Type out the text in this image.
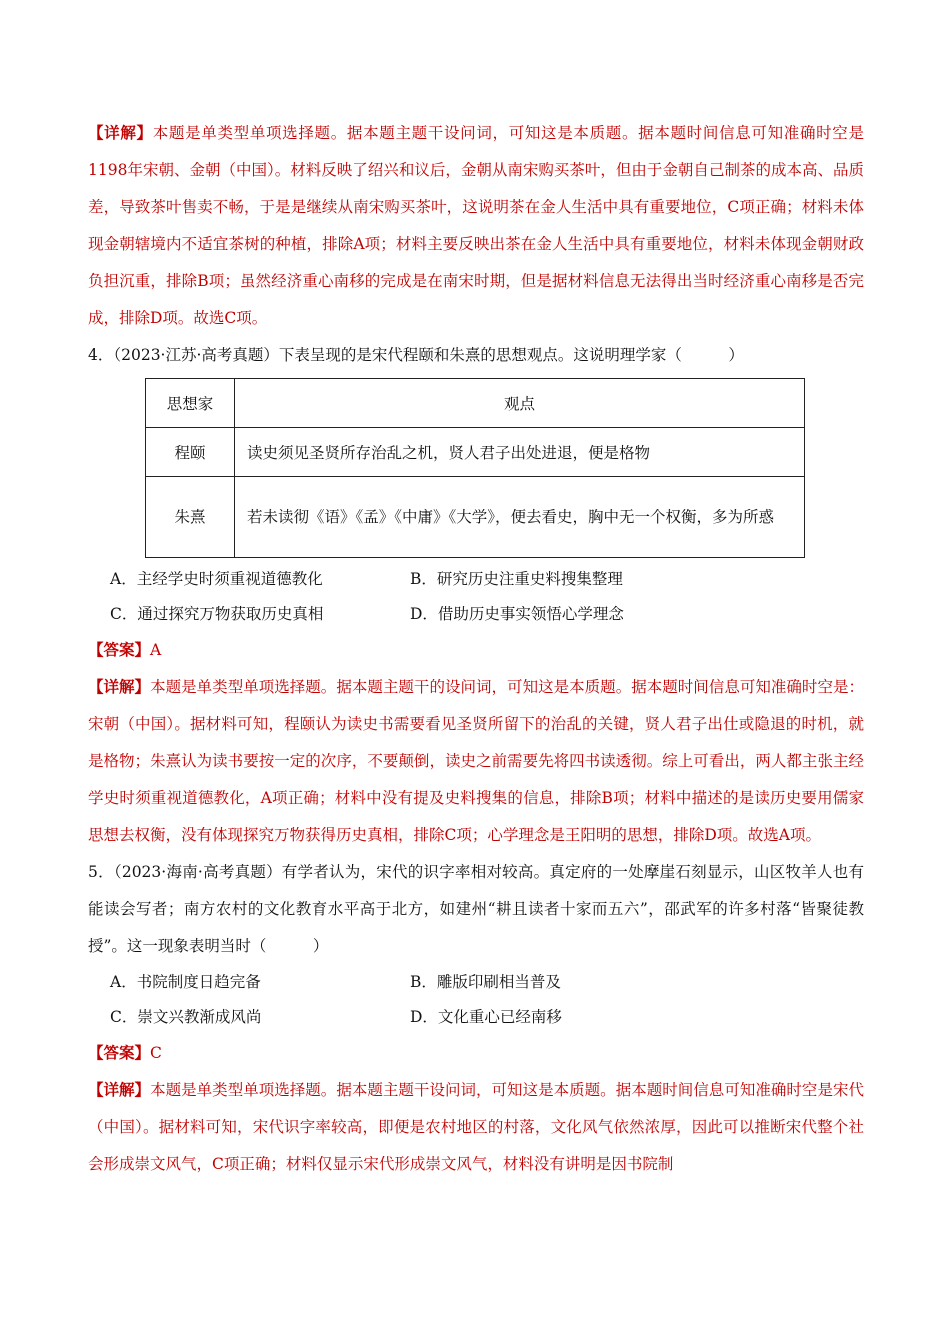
【详解】本题是单类型单项选择题。据本题主题干设问词，可知这是本质题。据本题时间信息可知准确时空是1198年宋朝、金朝（中国）。材料反映了绍兴和议后，金朝从南宋购买茶叶，但由于金朝自己制茶的成本高、品质差，导致茶叶售卖不畅，于是是继续从南宋购买茶叶，这说明茶在金人生活中具有重要地位，C项正确；材料未体现金朝辖境内不适宜茶树的种植，排除A项；材料主要反映出茶在金人生活中具有重要地位，材料未体现金朝财政负担沉重，排除B项；虽然经济重心南移的完成是在南宋时期，但是据材料信息无法得出当时经济重心南移是否完成，排除D项。故选C项。

4．（2023·江苏·高考真题）下表呈现的是宋代程颐和朱熹的思想观点。这说明理学家（　　　）

思想家	观点
程颐	读史须见圣贤所存治乱之机，贤人君子出处进退，便是格物
朱熹	若未读彻《语》《孟》《中庸》《大学》，便去看史，胸中无一个权衡，多为所惑
A．主经学史时须重视道德教化	B．研究历史注重史料搜集整理
C．通过探究万物获取历史真相	D．借助历史事实领悟心学理念

【答案】A

【详解】本题是单类型单项选择题。据本题主题干的设问词，可知这是本质题。据本题时间信息可知准确时空是：宋朝（中国）。据材料可知，程颐认为读史书需要看见圣贤所留下的治乱的关键，贤人君子出仕或隐退的时机，就是格物；朱熹认为读书要按一定的次序，不要颠倒，读史之前需要先将四书读透彻。综上可看出，两人都主张主经学史时须重视道德教化，A项正确；材料中没有提及史料搜集的信息，排除B项；材料中描述的是读历史要用儒家思想去权衡，没有体现探究万物获得历史真相，排除C项；心学理念是王阳明的思想，排除D项。故选A项。

5．（2023·海南·高考真题）有学者认为，宋代的识字率相对较高。真定府的一处摩崖石刻显示，山区牧羊人也有能读会写者；南方农村的文化教育水平高于北方，如建州“耕且读者十家而五六”，邵武军的许多村落“皆聚徒教授”。这一现象表明当时（　　　）

A．书院制度日趋完备	B．雕版印刷相当普及
C．崇文兴教渐成风尚	D．文化重心已经南移

【答案】C

【详解】本题是单类型单项选择题。据本题主题干设问词，可知这是本质题。据本题时间信息可知准确时空是宋代（中国）。据材料可知，宋代识字率较高，即便是农村地区的村落，文化风气依然浓厚，因此可以推断宋代整个社会形成崇文风气，C项正确；材料仅显示宋代形成崇文风气，材料没有讲明是因书院制
